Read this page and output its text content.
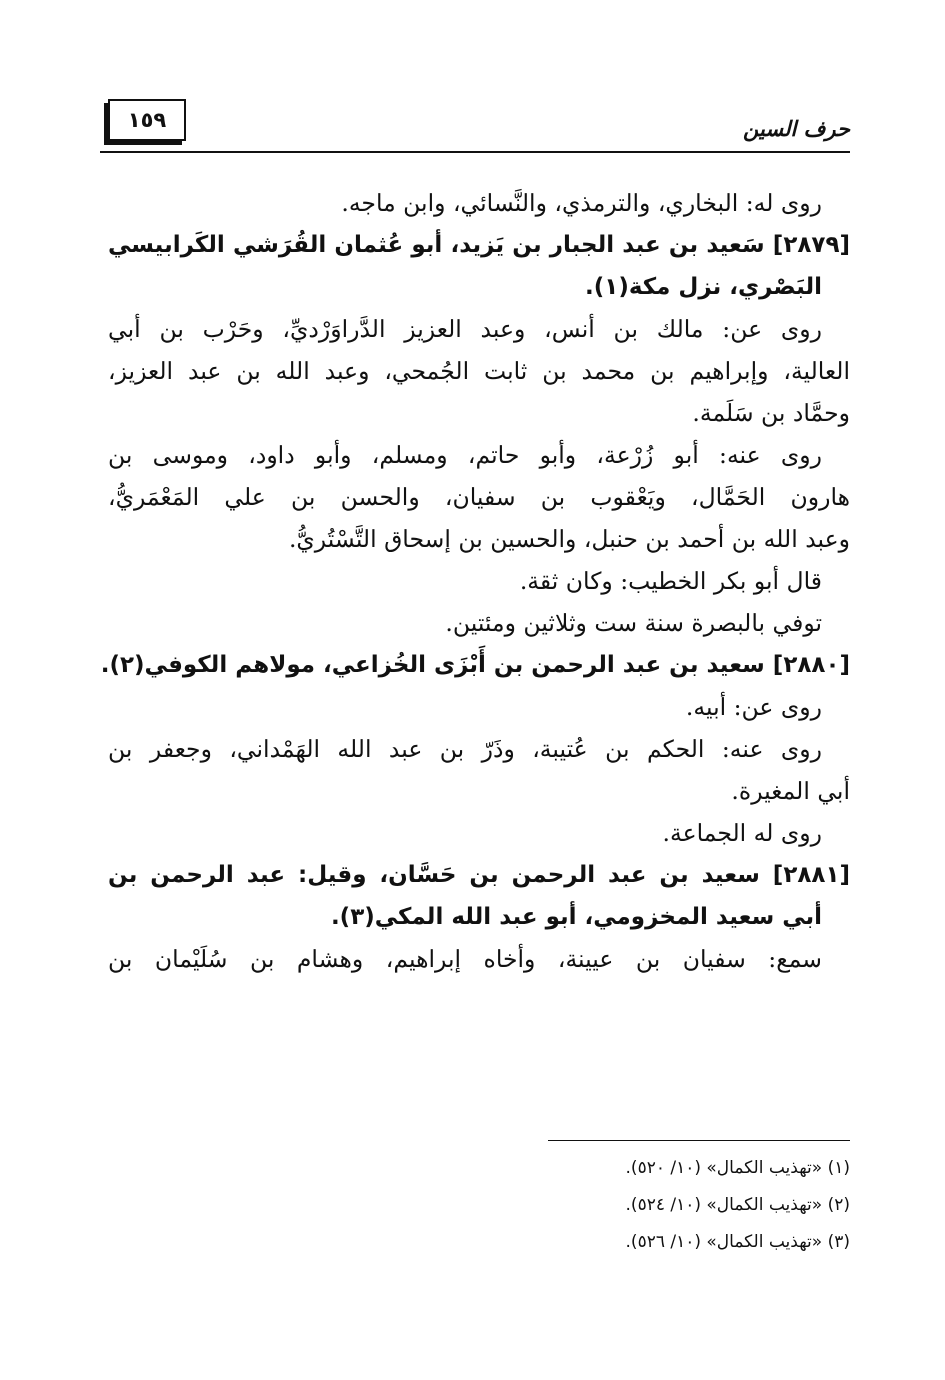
حرف السين
١٥٩
روى له: البخاري، والترمذي، والنَّسائي، وابن ماجه.
[٢٨٧٩] سَعيد بن عبد الجبار بن يَزيد، أبو عُثمان القُرَشي الكَرابيسي
البَصْري، نزل مكة(١).
روى عن: مالك بن أنس، وعبد العزيز الدَّراوَرْديِّ، وحَرْب بن أبي
العالية، وإبراهيم بن محمد بن ثابت الجُمحي، وعبد الله بن عبد العزيز،
وحمَّاد بن سَلَمة.
روى عنه: أبو زُرْعة، وأبو حاتم، ومسلم، وأبو داود، وموسى بن
هارون الحَمَّال، ويَعْقوب بن سفيان، والحسن بن علي المَعْمَريُّ،
وعبد الله بن أحمد بن حنبل، والحسين بن إسحاق التَّسْتُريُّ.
قال أبو بكر الخطيب: وكان ثقة.
توفي بالبصرة سنة ست وثلاثين ومئتين.
[٢٨٨٠] سعيد بن عبد الرحمن بن أَبْزَى الخُزاعي، مولاهم الكوفي(٢).
روى عن: أبيه.
روى عنه: الحكم بن عُتيبة، وذَرّ بن عبد الله الهَمْداني، وجعفر بن
أبي المغيرة.
روى له الجماعة.
[٢٨٨١] سعيد بن عبد الرحمن بن حَسَّان، وقيل: عبد الرحمن بن
أبي سعيد المخزومي، أبو عبد الله المكي(٣).
سمع: سفيان بن عيينة، وأخاه إبراهيم، وهشام بن سُلَيْمان بن
(١) «تهذيب الكمال» (١٠/ ٥٢٠).
(٢) «تهذيب الكمال» (١٠/ ٥٢٤).
(٣) «تهذيب الكمال» (١٠/ ٥٢٦).
